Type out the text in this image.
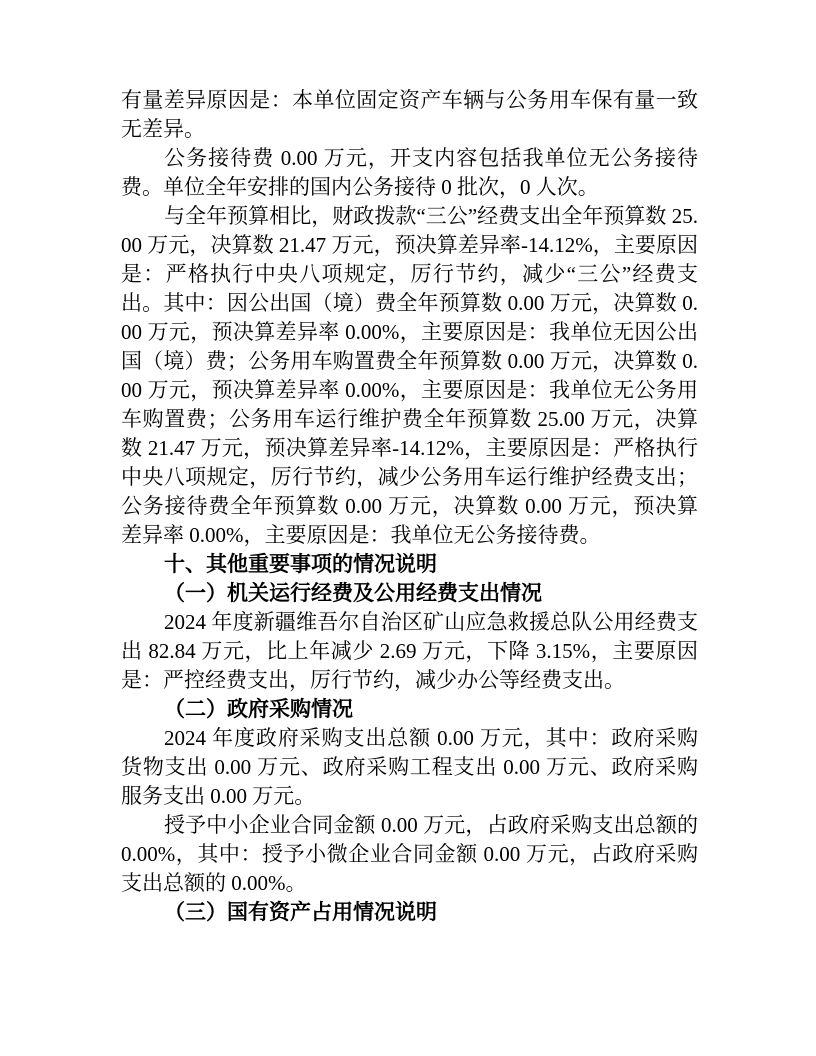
有量差异原因是：本单位固定资产车辆与公务用车保有量一致无差异。

公务接待费 0.00 万元，开支内容包括我单位无公务接待费。单位全年安排的国内公务接待 0 批次，0 人次。

与全年预算相比，财政拨款“三公”经费支出全年预算数 25.00 万元，决算数 21.47 万元，预决算差异率-14.12%，主要原因是：严格执行中央八项规定，厉行节约，减少“三公”经费支出。其中：因公出国（境）费全年预算数 0.00 万元，决算数 0.00 万元，预决算差异率 0.00%，主要原因是：我单位无因公出国（境）费；公务用车购置费全年预算数 0.00 万元，决算数 0.00 万元，预决算差异率 0.00%，主要原因是：我单位无公务用车购置费；公务用车运行维护费全年预算数 25.00 万元，决算数 21.47 万元，预决算差异率-14.12%，主要原因是：严格执行中央八项规定，厉行节约，减少公务用车运行维护经费支出；公务接待费全年预算数 0.00 万元，决算数 0.00 万元，预决算差异率 0.00%，主要原因是：我单位无公务接待费。

十、其他重要事项的情况说明

（一）机关运行经费及公用经费支出情况

2024 年度新疆维吾尔自治区矿山应急救援总队公用经费支出 82.84 万元，比上年减少 2.69 万元，下降 3.15%，主要原因是：严控经费支出，厉行节约，减少办公等经费支出。

（二）政府采购情况

2024 年度政府采购支出总额 0.00 万元，其中：政府采购货物支出 0.00 万元、政府采购工程支出 0.00 万元、政府采购服务支出 0.00 万元。

授予中小企业合同金额 0.00 万元，占政府采购支出总额的 0.00%，其中：授予小微企业合同金额 0.00 万元，占政府采购支出总额的 0.00%。

（三）国有资产占用情况说明
